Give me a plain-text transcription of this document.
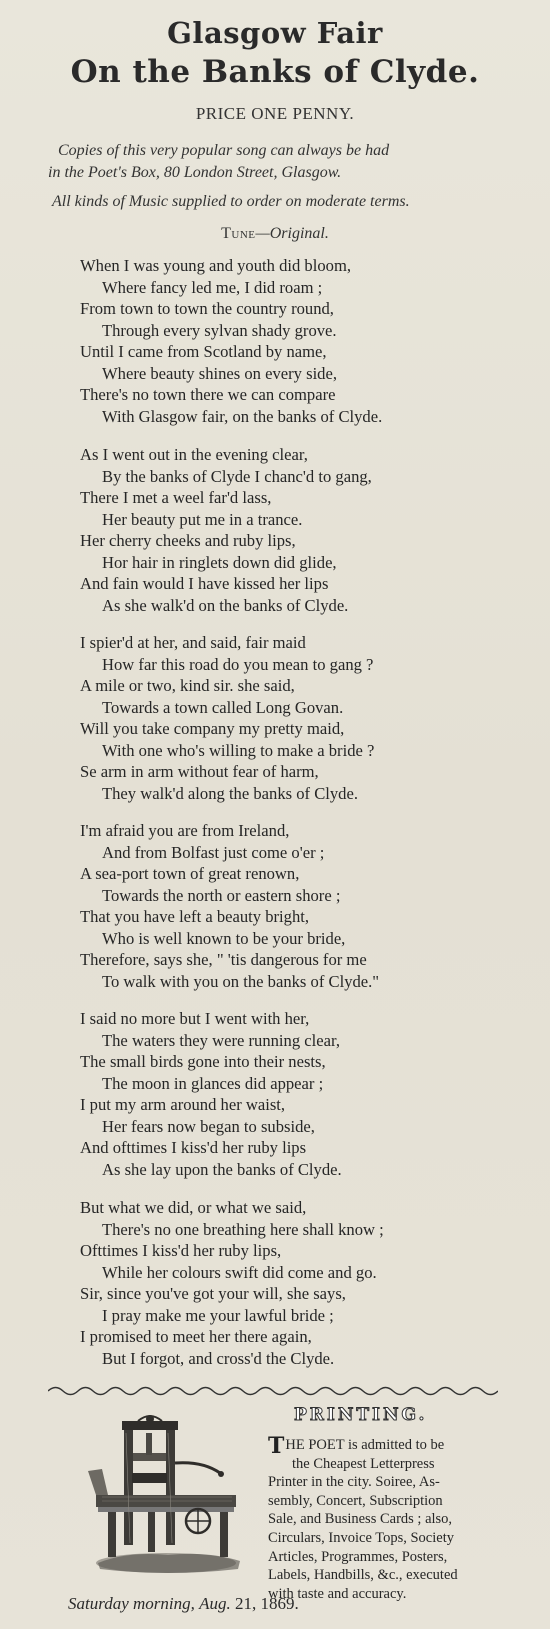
Glasgow Fair
On the Banks of Clyde.
PRICE ONE PENNY.
Copies of this very popular song can always be had
in the Poet's Box, 80 London Street, Glasgow.
All kinds of Music supplied to order on moderate terms.
Tune—Original.
When I was young and youth did bloom,
Where fancy led me, I did roam ;
From town to town the country round,
Through every sylvan shady grove.
Until I came from Scotland by name,
Where beauty shines on every side,
There's no town there we can compare
With Glasgow fair, on the banks of Clyde.
As I went out in the evening clear,
By the banks of Clyde I chanc'd to gang,
There I met a weel far'd lass,
Her beauty put me in a trance.
Her cherry cheeks and ruby lips,
Hor hair in ringlets down did glide,
And fain would I have kissed her lips
As she walk'd on the banks of Clyde.
I spier'd at her, and said, fair maid
How far this road do you mean to gang ?
A mile or two, kind sir. she said,
Towards a town called Long Govan.
Will you take company my pretty maid,
With one who's willing to make a bride ?
Se arm in arm without fear of harm,
They walk'd along the banks of Clyde.
I'm afraid you are from Ireland,
And from Bolfast just come o'er ;
A sea-port town of great renown,
Towards the north or eastern shore ;
That you have left a beauty bright,
Who is well known to be your bride,
Therefore, says she, " 'tis dangerous for me
To walk with you on the banks of Clyde."
I said no more but I went with her,
The waters they were running clear,
The small birds gone into their nests,
The moon in glances did appear ;
I put my arm around her waist,
Her fears now began to subside,
And ofttimes I kiss'd her ruby lips
As she lay upon the banks of Clyde.
But what we did, or what we said,
There's no one breathing here shall know ;
Ofttimes I kiss'd her ruby lips,
While her colours swift did come and go.
Sir, since you've got your will, she says,
I pray make me your lawful bride ;
I promised to meet her there again,
But I forgot, and cross'd the Clyde.
PRINTING.
THE POET is admitted to be
the Cheapest Letterpress
Printer in the city. Soiree, As-
sembly, Concert, Subscription
Sale, and Business Cards ; also,
Circulars, Invoice Tops, Society
Articles, Programmes, Posters,
Labels, Handbills, &c., executed
with taste and accuracy.
Saturday morning, Aug. 21, 1869.
